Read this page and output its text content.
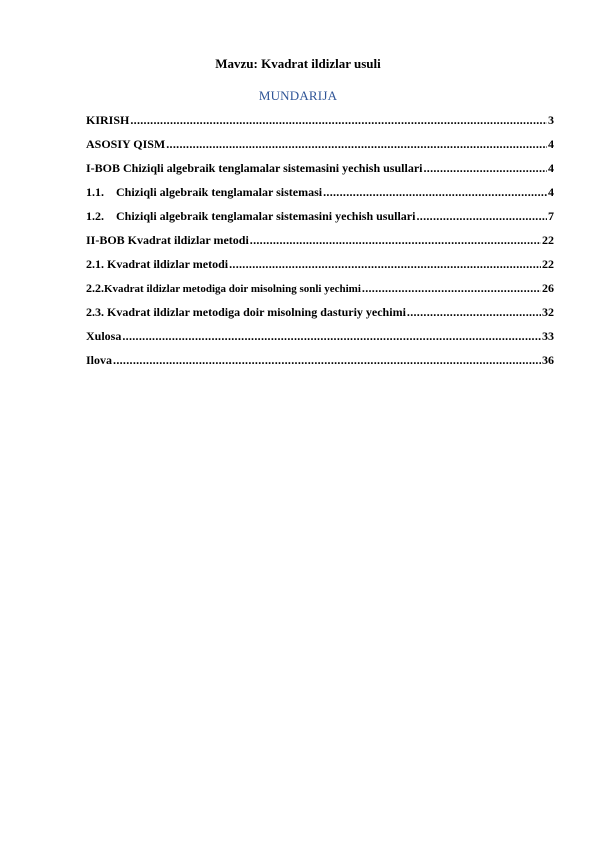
Mavzu: Kvadrat ildizlar usuli
MUNDARIJA
KIRISH .....	3
ASOSIY QISM .....	4
I-BOB Chiziqli algebraik tenglamalar sistemasini yechish usullari .....	4
1.1.	Chiziqli algebraik tenglamalar sistemasi .....	4
1.2.	Chiziqli algebraik tenglamalar sistemasini yechish usullari .....	7
II-BOB Kvadrat ildizlar metodi .....	22
2.1. Kvadrat ildizlar metodi .....	22
2.2. Kvadrat ildizlar metodiga doir misolning sonli yechimi .....	26
2.3. Kvadrat ildizlar metodiga doir misolning dasturiy yechimi .....	32
Xulosa .....	33
Ilova .....	36
